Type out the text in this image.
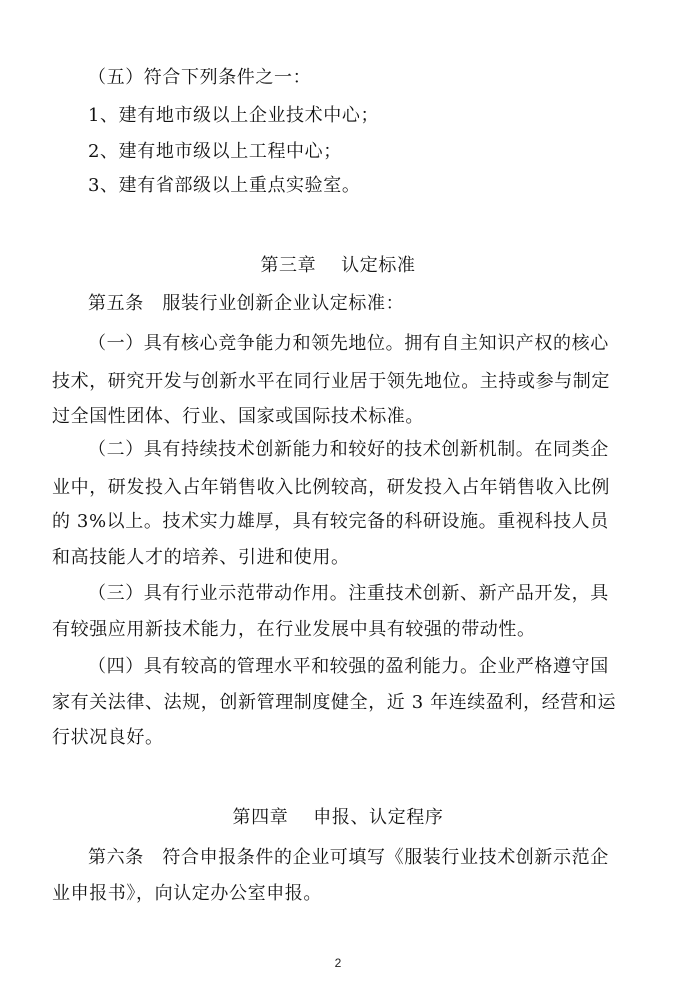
（五）符合下列条件之一：
1、建有地市级以上企业技术中心；
2、建有地市级以上工程中心；
3、建有省部级以上重点实验室。
第三章　 认定标准
第五条　服装行业创新企业认定标准：
（一）具有核心竞争能力和领先地位。拥有自主知识产权的核心
技术，研究开发与创新水平在同行业居于领先地位。主持或参与制定
过全国性团体、行业、国家或国际技术标准。
（二）具有持续技术创新能力和较好的技术创新机制。在同类企
业中，研发投入占年销售收入比例较高，研发投入占年销售收入比例
的 3%以上。技术实力雄厚，具有较完备的科研设施。重视科技人员
和高技能人才的培养、引进和使用。
（三）具有行业示范带动作用。注重技术创新、新产品开发，具
有较强应用新技术能力，在行业发展中具有较强的带动性。
（四）具有较高的管理水平和较强的盈利能力。企业严格遵守国
家有关法律、法规，创新管理制度健全，近 3 年连续盈利，经营和运
行状况良好。
第四章　 申报、认定程序
第六条　符合申报条件的企业可填写《服装行业技术创新示范企
业申报书》，向认定办公室申报。
2
